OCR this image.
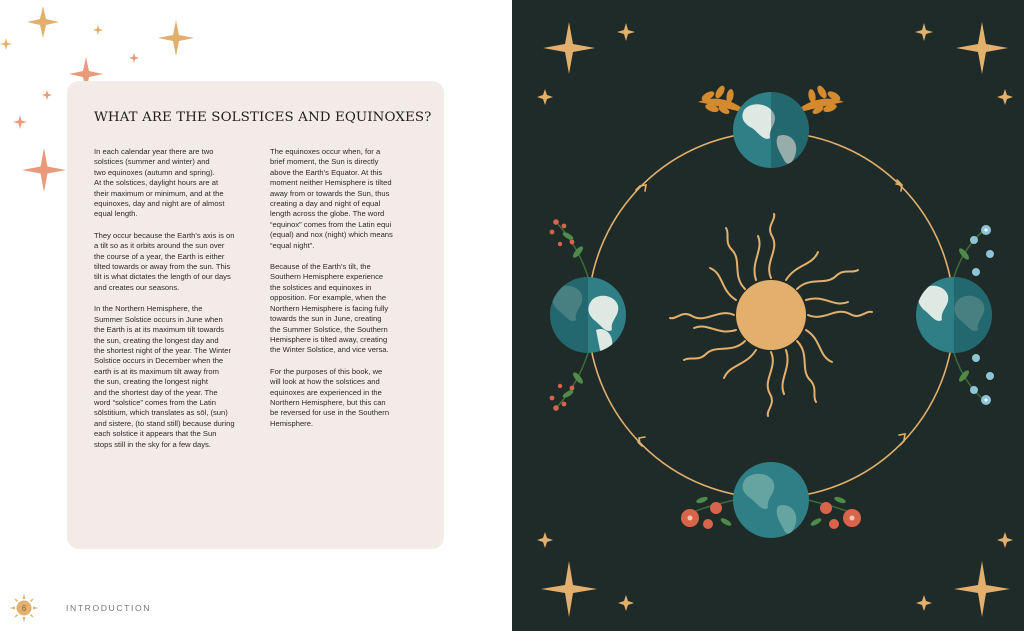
WHAT ARE THE SOLSTICES AND EQUINOXES?

In each calendar year there are two
solstices (summer and winter) and
two equinoxes (autumn and spring).
At the solstices, daylight hours are at
their maximum or minimum, and at the
equinoxes, day and night are of almost
equal length.

They occur because the Earth’s axis is on
a tilt so as it orbits around the sun over
the course of a year, the Earth is either
tilted towards or away from the sun. This
tilt is what dictates the length of our days
and creates our seasons.

In the Northern Hemisphere, the
Summer Solstice occurs in June when
the Earth is at its maximum tilt towards
the sun, creating the longest day and
the shortest night of the year. The Winter
Solstice occurs in December when the
earth is at its maximum tilt away from
the sun, creating the longest night
and the shortest day of the year. The
word “solstice” comes from the Latin
sōlstitium, which translates as sōl, (sun)
and sistere, (to stand still) because during
each solstice it appears that the Sun
stops still in the sky for a few days.

The equinoxes occur when, for a
brief moment, the Sun is directly
above the Earth’s Equator. At this
moment neither Hemisphere is tilted
away from or towards the Sun, thus
creating a day and night of equal
length across the globe. The word
“equinox” comes from the Latin equi
(equal) and nox (night) which means
“equal night”.

Because of the Earth’s tilt, the
Southern Hemisphere experience
the solstices and equinoxes in
opposition. For example, when the
Northern Hemisphere is facing fully
towards the sun in June, creating
the Summer Solstice, the Southern
Hemisphere is tilted away, creating
the Winter Solstice, and vice versa.

For the purposes of this book, we
will look at how the solstices and
equinoxes are experienced in the
Northern Hemisphere, but this can
be reversed for use in the Southern
Hemisphere.

6	INTRODUCTION
